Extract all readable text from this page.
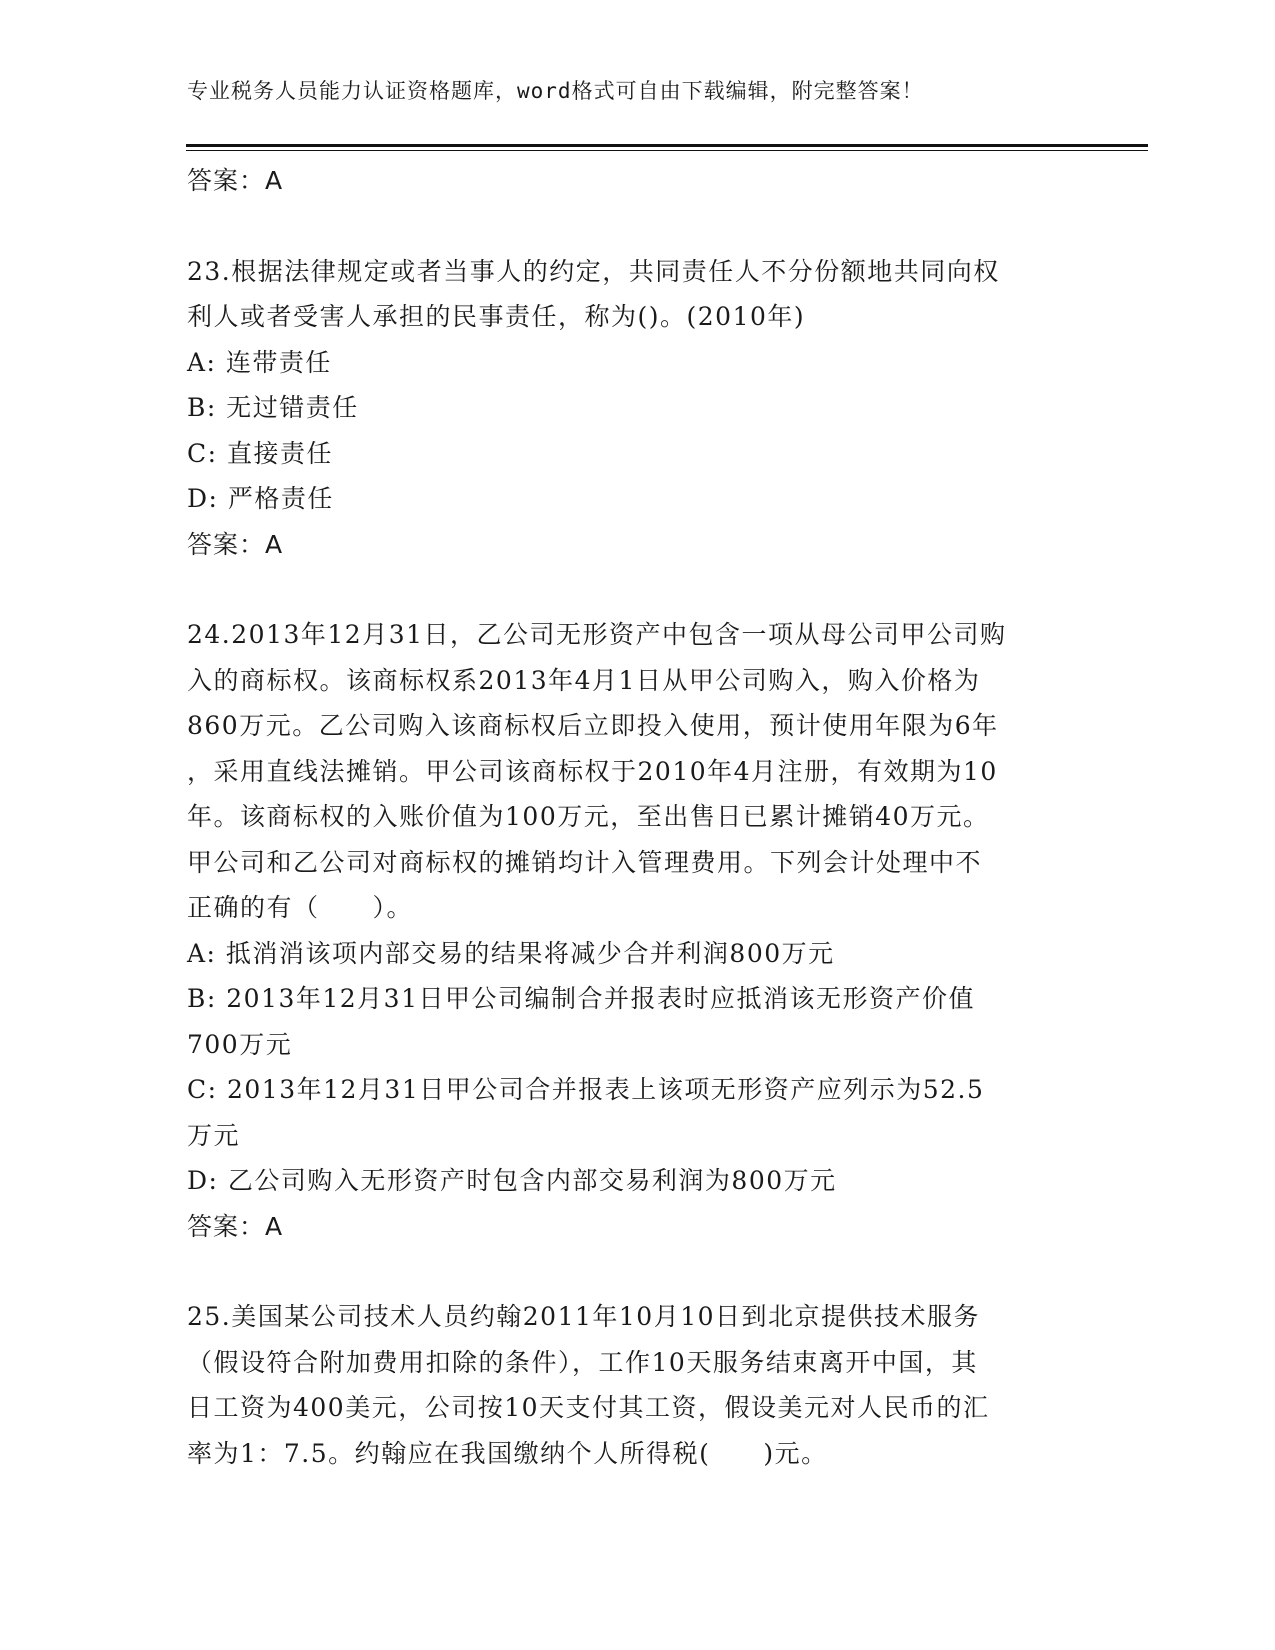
专业税务人员能力认证资格题库，word格式可自由下载编辑，附完整答案！
答案：A
23.根据法律规定或者当事人的约定，共同责任人不分份额地共同向权
利人或者受害人承担的民事责任，称为()。(2010年)
A: 连带责任
B: 无过错责任
C: 直接责任
D: 严格责任
答案：A
24.2013年12月31日，乙公司无形资产中包含一项从母公司甲公司购
入的商标权。该商标权系2013年4月1日从甲公司购入，购入价格为
860万元。乙公司购入该商标权后立即投入使用，预计使用年限为6年
，采用直线法摊销。甲公司该商标权于2010年4月注册，有效期为10
年。该商标权的入账价值为100万元，至出售日已累计摊销40万元。
甲公司和乙公司对商标权的摊销均计入管理费用。下列会计处理中不
正确的有（　　）。
A: 抵消消该项内部交易的结果将减少合并利润800万元
B: 2013年12月31日甲公司编制合并报表时应抵消该无形资产价值
700万元
C: 2013年12月31日甲公司合并报表上该项无形资产应列示为52.5
万元
D: 乙公司购入无形资产时包含内部交易利润为800万元
答案：A
25.美国某公司技术人员约翰2011年10月10日到北京提供技术服务
（假设符合附加费用扣除的条件），工作10天服务结束离开中国，其
日工资为400美元，公司按10天支付其工资，假设美元对人民币的汇
率为1：7.5。约翰应在我国缴纳个人所得税(　　)元。
